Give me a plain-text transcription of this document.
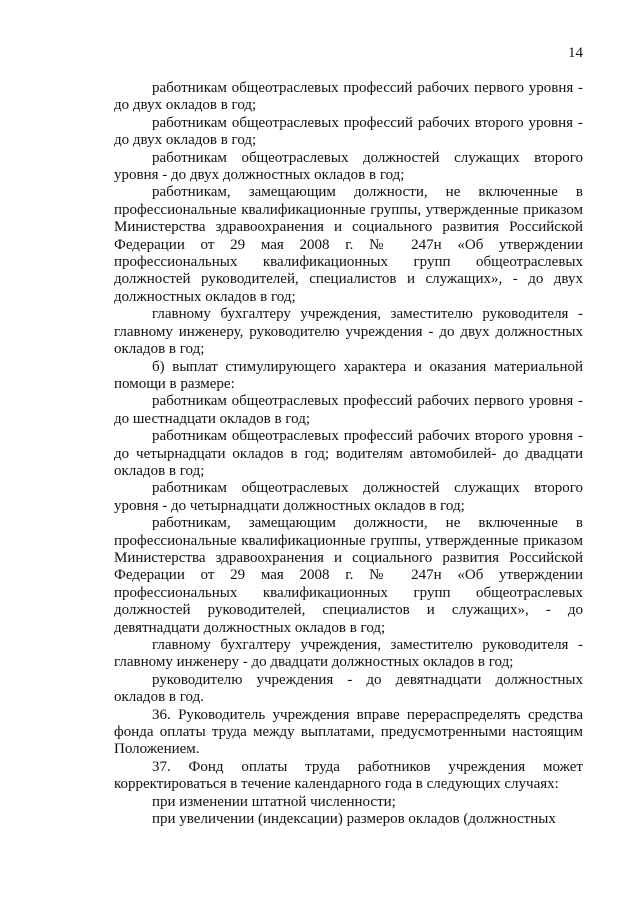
14

работникам общеотраслевых профессий рабочих первого уровня - до двух окладов в год;

работникам общеотраслевых профессий рабочих второго уровня - до двух окладов в год;

работникам общеотраслевых должностей служащих второго уровня - до двух должностных окладов в год;

работникам, замещающим должности, не включенные в профессиональные квалификационные группы, утвержденные приказом Министерства здравоохранения и социального развития Российской Федерации от 29 мая 2008 г. № 247н «Об утверждении профессиональных квалификационных групп общеотраслевых должностей руководителей, специалистов и служащих», - до двух должностных окладов в год;

главному бухгалтеру учреждения, заместителю руководителя - главному инженеру, руководителю учреждения - до двух должностных окладов в год;

б) выплат стимулирующего характера и оказания материальной помощи в размере:

работникам общеотраслевых профессий рабочих первого уровня - до шестнадцати окладов в год;

работникам общеотраслевых профессий рабочих второго уровня - до четырнадцати окладов в год; водителям автомобилей- до двадцати окладов в год;

работникам общеотраслевых должностей служащих второго уровня - до четырнадцати должностных окладов в год;

работникам, замещающим должности, не включенные в профессиональные квалификационные группы, утвержденные приказом Министерства здравоохранения и социального развития Российской Федерации от 29 мая 2008 г. № 247н «Об утверждении профессиональных квалификационных групп общеотраслевых должностей руководителей, специалистов и служащих», - до девятнадцати должностных окладов в год;

главному бухгалтеру учреждения, заместителю руководителя - главному инженеру - до двадцати должностных окладов в год;

руководителю учреждения - до девятнадцати должностных окладов в год.

36. Руководитель учреждения вправе перераспределять средства фонда оплаты труда между выплатами, предусмотренными настоящим Положением.

37. Фонд оплаты труда работников учреждения может корректироваться в течение календарного года в следующих случаях:

при изменении штатной численности;

при увеличении (индексации) размеров окладов (должностных
